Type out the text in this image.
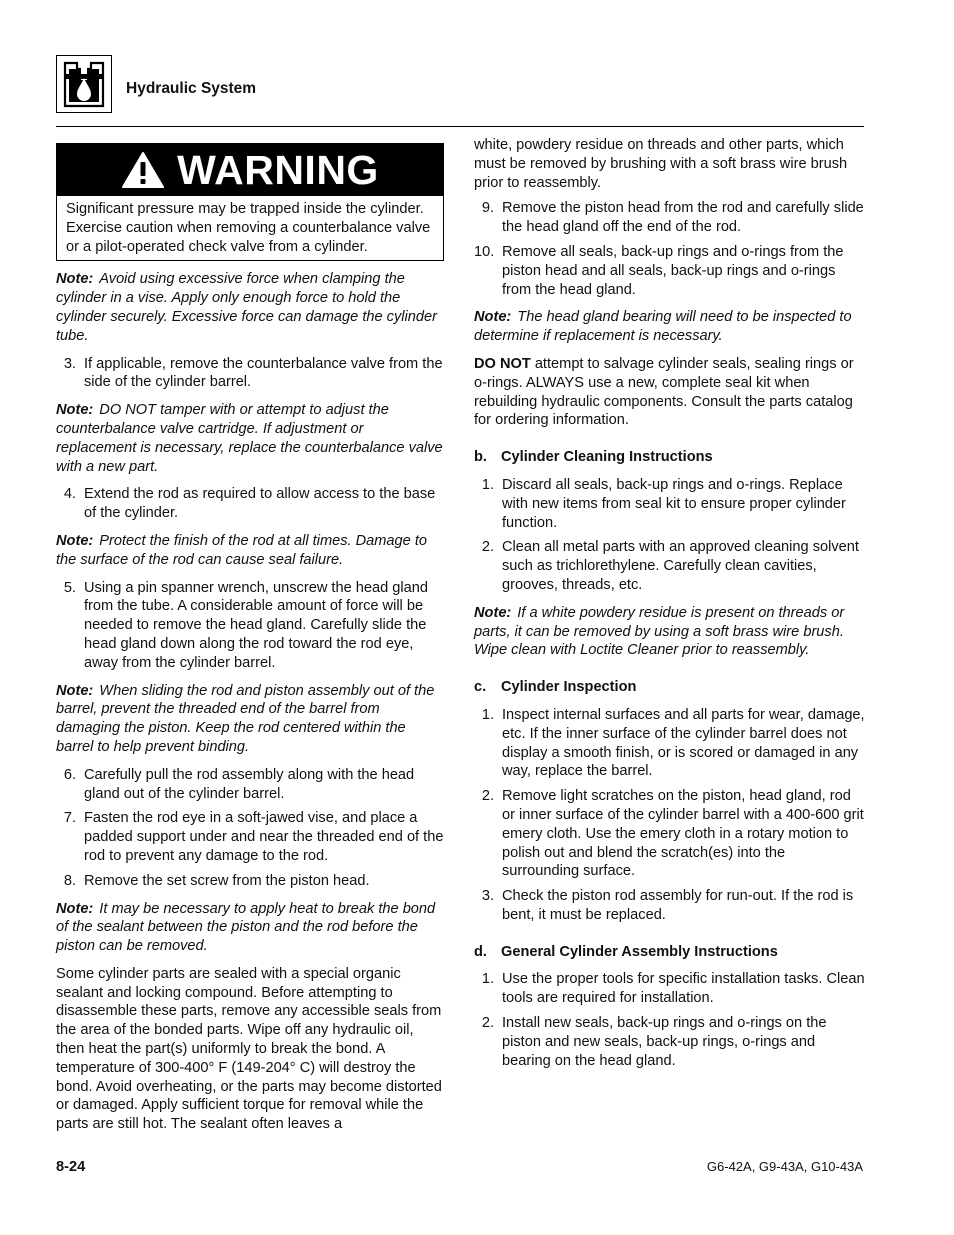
Hydraulic System
WARNING

Significant pressure may be trapped inside the cylinder. Exercise caution when removing a counterbalance valve or a pilot-operated check valve from a cylinder.

Note: Avoid using excessive force when clamping the cylinder in a vise. Apply only enough force to hold the cylinder securely. Excessive force can damage the cylinder tube.

3. If applicable, remove the counterbalance valve from the side of the cylinder barrel.

Note: DO NOT tamper with or attempt to adjust the counterbalance valve cartridge. If adjustment or replacement is necessary, replace the counterbalance valve with a new part.

4. Extend the rod as required to allow access to the base of the cylinder.

Note: Protect the finish of the rod at all times. Damage to the surface of the rod can cause seal failure.

5. Using a pin spanner wrench, unscrew the head gland from the tube. A considerable amount of force will be needed to remove the head gland. Carefully slide the head gland down along the rod toward the rod eye, away from the cylinder barrel.

Note: When sliding the rod and piston assembly out of the barrel, prevent the threaded end of the barrel from damaging the piston. Keep the rod centered within the barrel to help prevent binding.

6. Carefully pull the rod assembly along with the head gland out of the cylinder barrel.
7. Fasten the rod eye in a soft-jawed vise, and place a padded support under and near the threaded end of the rod to prevent any damage to the rod.
8. Remove the set screw from the piston head.

Note: It may be necessary to apply heat to break the bond of the sealant between the piston and the rod before the piston can be removed.

Some cylinder parts are sealed with a special organic sealant and locking compound. Before attempting to disassemble these parts, remove any accessible seals from the area of the bonded parts. Wipe off any hydraulic oil, then heat the part(s) uniformly to break the bond. A temperature of 300-400° F (149-204° C) will destroy the bond. Avoid overheating, or the parts may become distorted or damaged. Apply sufficient torque for removal while the parts are still hot. The sealant often leaves a

white, powdery residue on threads and other parts, which must be removed by brushing with a soft brass wire brush prior to reassembly.

9. Remove the piston head from the rod and carefully slide the head gland off the end of the rod.
10. Remove all seals, back-up rings and o-rings from the piston head and all seals, back-up rings and o-rings from the head gland.

Note: The head gland bearing will need to be inspected to determine if replacement is necessary.

DO NOT attempt to salvage cylinder seals, sealing rings or o-rings. ALWAYS use a new, complete seal kit when rebuilding hydraulic components. Consult the parts catalog for ordering information.

b. Cylinder Cleaning Instructions

1. Discard all seals, back-up rings and o-rings. Replace with new items from seal kit to ensure proper cylinder function.
2. Clean all metal parts with an approved cleaning solvent such as trichlorethylene. Carefully clean cavities, grooves, threads, etc.

Note: If a white powdery residue is present on threads or parts, it can be removed by using a soft brass wire brush. Wipe clean with Loctite Cleaner prior to reassembly.

c. Cylinder Inspection

1. Inspect internal surfaces and all parts for wear, damage, etc. If the inner surface of the cylinder barrel does not display a smooth finish, or is scored or damaged in any way, replace the barrel.
2. Remove light scratches on the piston, head gland, rod or inner surface of the cylinder barrel with a 400-600 grit emery cloth. Use the emery cloth in a rotary motion to polish out and blend the scratch(es) into the surrounding surface.
3. Check the piston rod assembly for run-out. If the rod is bent, it must be replaced.

d. General Cylinder Assembly Instructions

1. Use the proper tools for specific installation tasks. Clean tools are required for installation.
2. Install new seals, back-up rings and o-rings on the piston and new seals, back-up rings, o-rings and bearing on the head gland.
8-24	G6-42A, G9-43A, G10-43A
